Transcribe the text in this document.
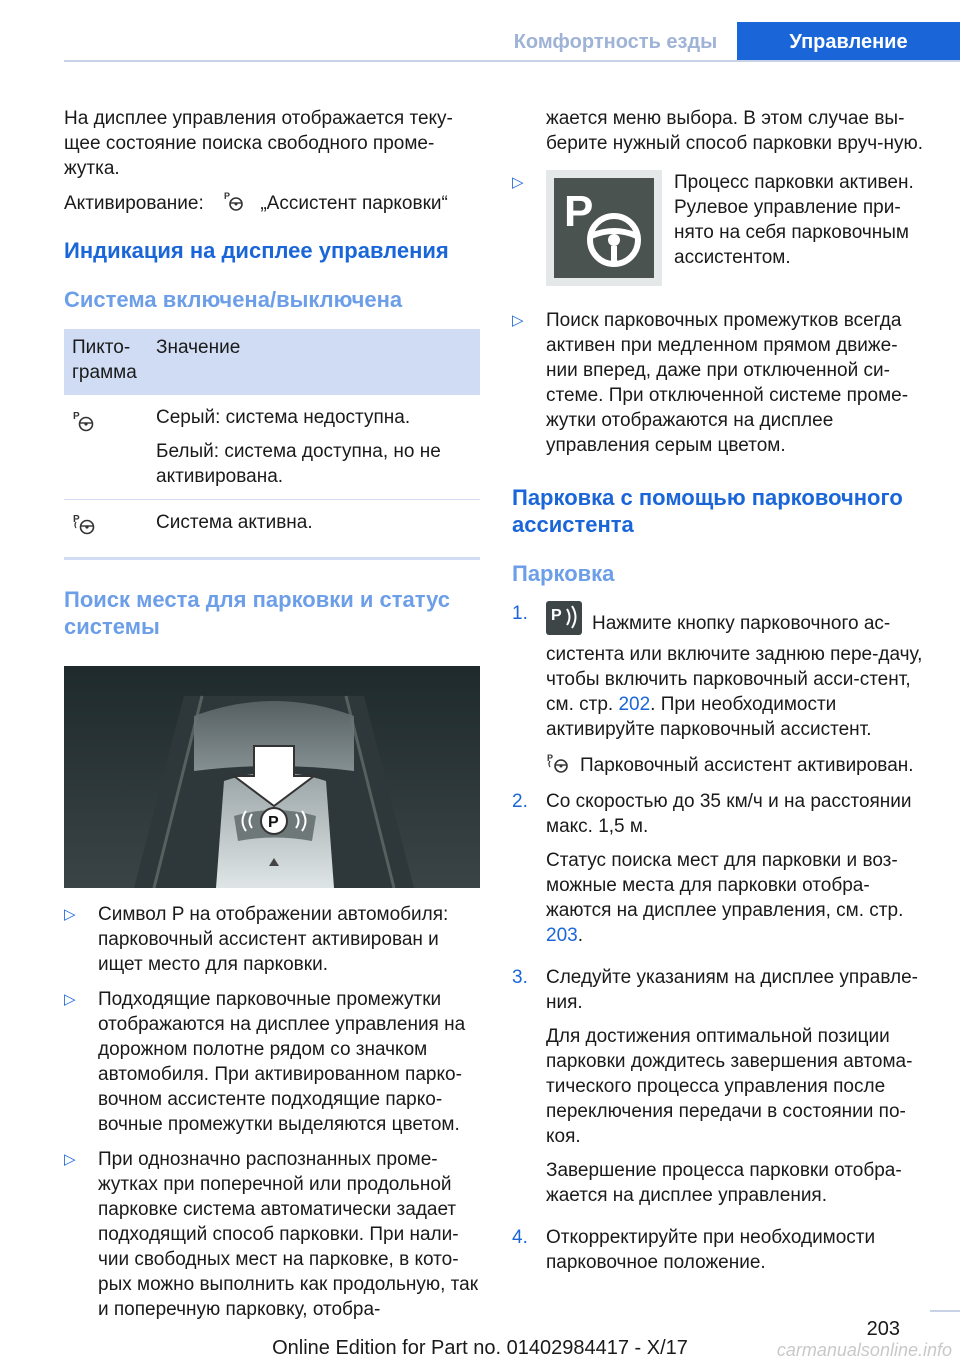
Комфортность езды	Управление

На дисплее управления отображается теку-щее состояние поиска свободного проме-жутка.

Активирование: P „Ассистент парковки“

Индикация на дисплее управления
Система включена/выключена
Пикто-грамма	Значение

P	Серый: система недоступна.

Белый: система доступна, но не активирована.

P	Система активна.
Поиск места для парковки и статус системы
P
▷	Символ P на отображении автомобиля: парковочный ассистент активирован и ищет место для парковки.
▷	Подходящие парковочные промежутки отображаются на дисплее управления на дорожном полотне рядом со значком автомобиля. При активированном парко-вочном ассистенте подходящие парко-вочные промежутки выделяются цветом.
▷	При однозначно распознанных проме-жутках при поперечной или продольной парковке система автоматически задает подходящий способ парковки. При нали-чии свободных мест на парковке, в кото-рых можно выполнить как продольную, так и поперечную парковку, отобра-

жается меню выбора. В этом случае вы-берите нужный способ парковки вруч-ную.

▷
P
Процесс парковки активен. Рулевое управление при-нято на себя парковочным ассистентом.
▷	Поиск парковочных промежутков всегда активен при медленном прямом движе-нии вперед, даже при отключенной си-стеме. При отключенной системе проме-жутки отображаются на дисплее управления серым цветом.
Парковка с помощью парковочного ассистента
Парковка
1.	P Нажмите кнопку парковочного ас-систента или включите заднюю пере-дачу, чтобы включить парковочный асси-стент, см. стр. 202. При необходимости активируйте парковочный ассистент.
P Парковочный ассистент активирован.
2. Со скоростью до 35 км/ч и на расстоянии макс. 1,5 м.

Статус поиска мест для парковки и воз-можные места для парковки отобра-жаются на дисплее управления, см. стр. 203.

3. Следуйте указаниям на дисплее управле-ния.

Для достижения оптимальной позиции парковки дождитесь завершения автома-тического процесса управления после переключения передачи в состоянии по-коя.

Завершение процесса парковки отобра-жается на дисплее управления.

4. Откорректируйте при необходимости парковочное положение.

203
Online Edition for Part no. 01402984417 - X/17	carmanualsonline.info
